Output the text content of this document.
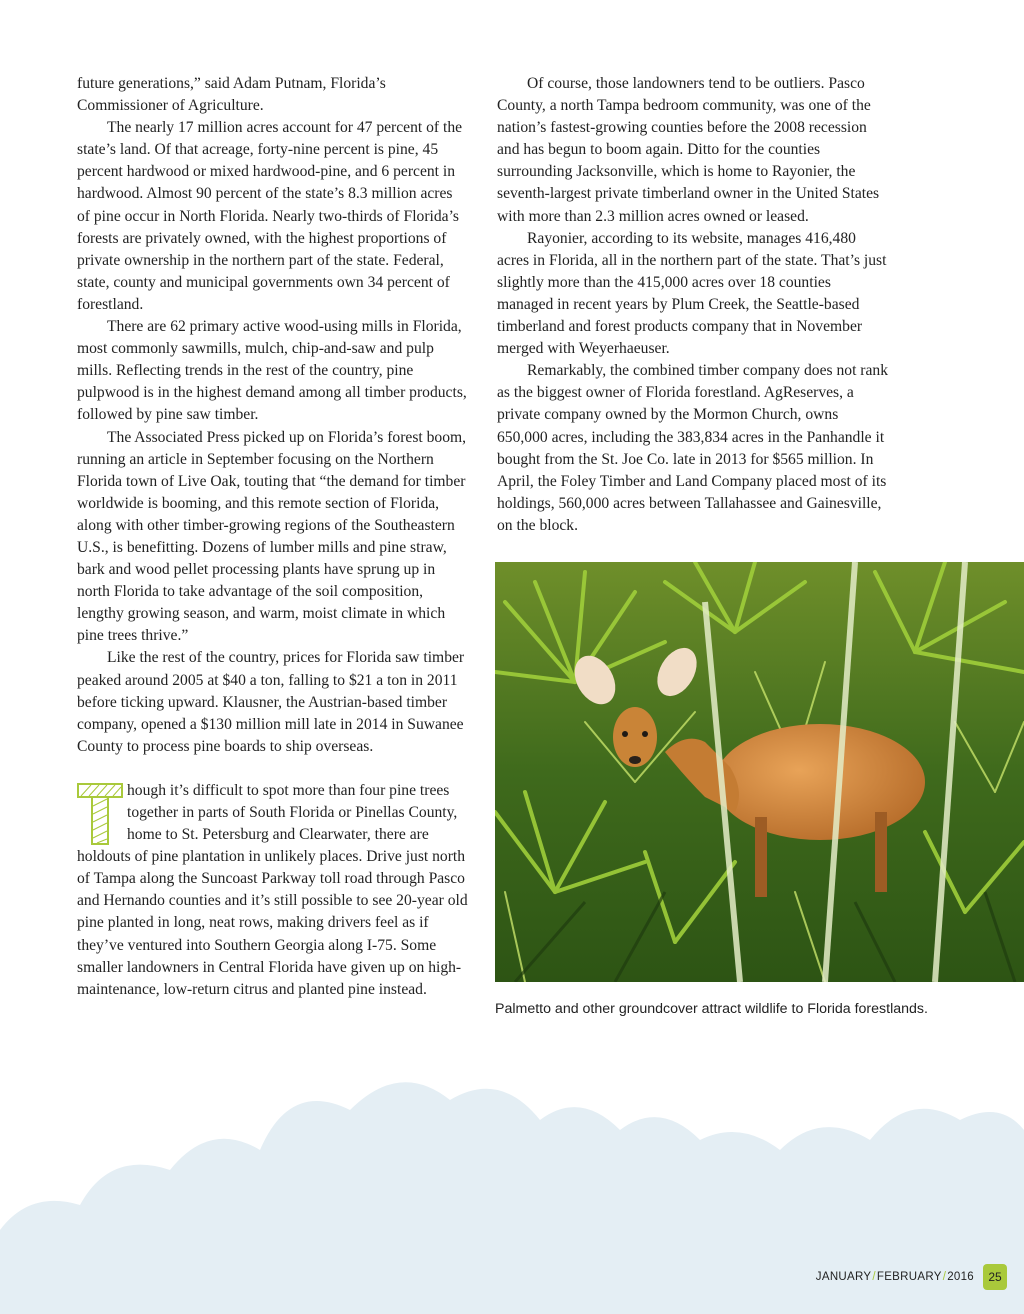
future generations,” said Adam Putnam, Florida’s Commissioner of Agriculture.

The nearly 17 million acres account for 47 percent of the state’s land. Of that acreage, forty-nine percent is pine, 45 percent hardwood or mixed hardwood-pine, and 6 percent in hardwood. Almost 90 percent of the state’s 8.3 million acres of pine occur in North Florida. Nearly two-thirds of Florida’s forests are privately owned, with the highest proportions of private ownership in the northern part of the state. Federal, state, county and municipal governments own 34 percent of forestland.

There are 62 primary active wood-using mills in Florida, most commonly sawmills, mulch, chip-and-saw and pulp mills. Reflecting trends in the rest of the country, pine pulpwood is in the highest demand among all timber products, followed by pine saw timber.

The Associated Press picked up on Florida’s forest boom, running an article in September focusing on the Northern Florida town of Live Oak, touting that “the demand for timber worldwide is booming, and this remote section of Florida, along with other timber-growing regions of the Southeastern U.S., is benefitting. Dozens of lumber mills and pine straw, bark and wood pellet processing plants have sprung up in north Florida to take advantage of the soil composition, lengthy growing season, and warm, moist climate in which pine trees thrive.”

Like the rest of the country, prices for Florida saw timber peaked around 2005 at $40 a ton, falling to $21 a ton in 2011 before ticking upward. Klausner, the Austrian-based timber company, opened a $130 million mill late in 2014 in Suwanee County to process pine boards to ship overseas.

hough it’s difficult to spot more than four pine trees together in parts of South Florida or Pinellas County, home to St. Petersburg and Clearwater, there are holdouts of pine plantation in unlikely places. Drive just north of Tampa along the Suncoast Parkway toll road through Pasco and Hernando counties and it’s still possible to see 20-year old pine planted in long, neat rows, making drivers feel as if they’ve ventured into Southern Georgia along I-75. Some smaller landowners in Central Florida have given up on high-maintenance, low-return citrus and planted pine instead.

Of course, those landowners tend to be outliers. Pasco County, a north Tampa bedroom community, was one of the nation’s fastest-growing counties before the 2008 recession and has begun to boom again. Ditto for the counties surrounding Jacksonville, which is home to Rayonier, the seventh-largest private timberland owner in the United States with more than 2.3 million acres owned or leased.

Rayonier, according to its website, manages 416,480 acres in Florida, all in the northern part of the state. That’s just slightly more than the 415,000 acres over 18 counties managed in recent years by Plum Creek, the Seattle-based timberland and forest products company that in November merged with Weyerhaeuser.

Remarkably, the combined timber company does not rank as the biggest owner of Florida forestland. AgReserves, a private company owned by the Mormon Church, owns 650,000 acres, including the 383,834 acres in the Panhandle it bought from the St. Joe Co. late in 2013 for $565 million. In April, the Foley Timber and Land Company placed most of its holdings, 560,000 acres between Tallahassee and Gainesville, on the block.

Palmetto and other groundcover attract wildlife to Florida forestlands.
JANUARY/FEBRUARY/2016	25
